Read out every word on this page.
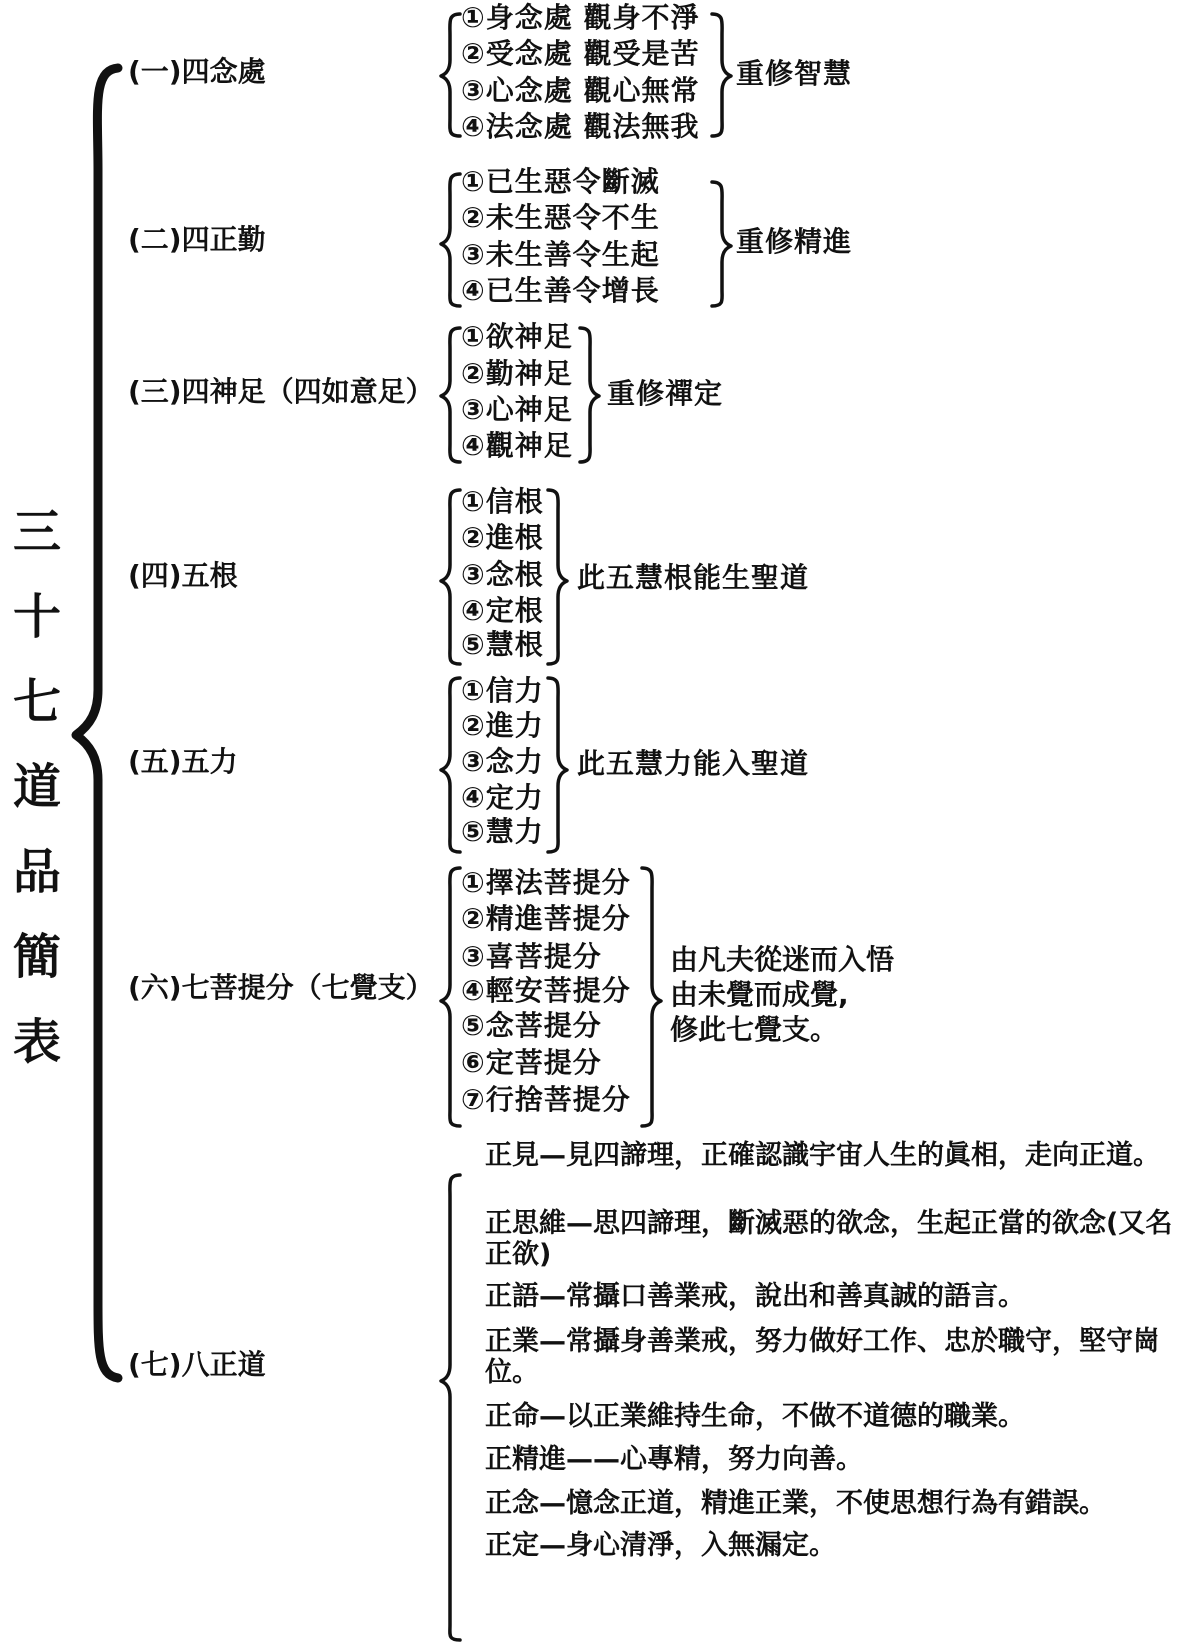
三
十
七
道
品
簡
表
(一)四念處
(二)四正勤
(三)四神足（四如意足）
(四)五根
(五)五力
(六)七菩提分（七覺支）
(七)八正道
①身念處 觀身不淨
②受念處 觀受是苦
③心念處 觀心無常
④法念處 觀法無我
重修智慧
①已生惡令斷滅
②未生惡令不生
③未生善令生起
④已生善令增長
重修精進
①欲神足
②勤神足
③心神足
④觀神足
重修禪定
①信根
②進根
③念根
④定根
⑤慧根
此五慧根能生聖道
①信力
②進力
③念力
④定力
⑤慧力
此五慧力能入聖道
①擇法菩提分
②精進菩提分
③喜菩提分
④輕安菩提分
⑤念菩提分
⑥定菩提分
⑦行捨菩提分
由凡夫從迷而入悟
由未覺而成覺,
修此七覺支。
正見—見四諦理，正確認識宇宙人生的眞相，走向正道。
正思維—思四諦理，斷滅惡的欲念，生起正當的欲念(又名正欲)
正語—常攝口善業戒，說出和善真誠的語言。
正業—常攝身善業戒，努力做好工作、忠於職守，堅守崗位。
正命—以正業維持生命，不做不道德的職業。
正精進——心專精，努力向善。
正念—憶念正道，精進正業，不使思想行為有錯誤。
正定—身心清淨，入無漏定。
